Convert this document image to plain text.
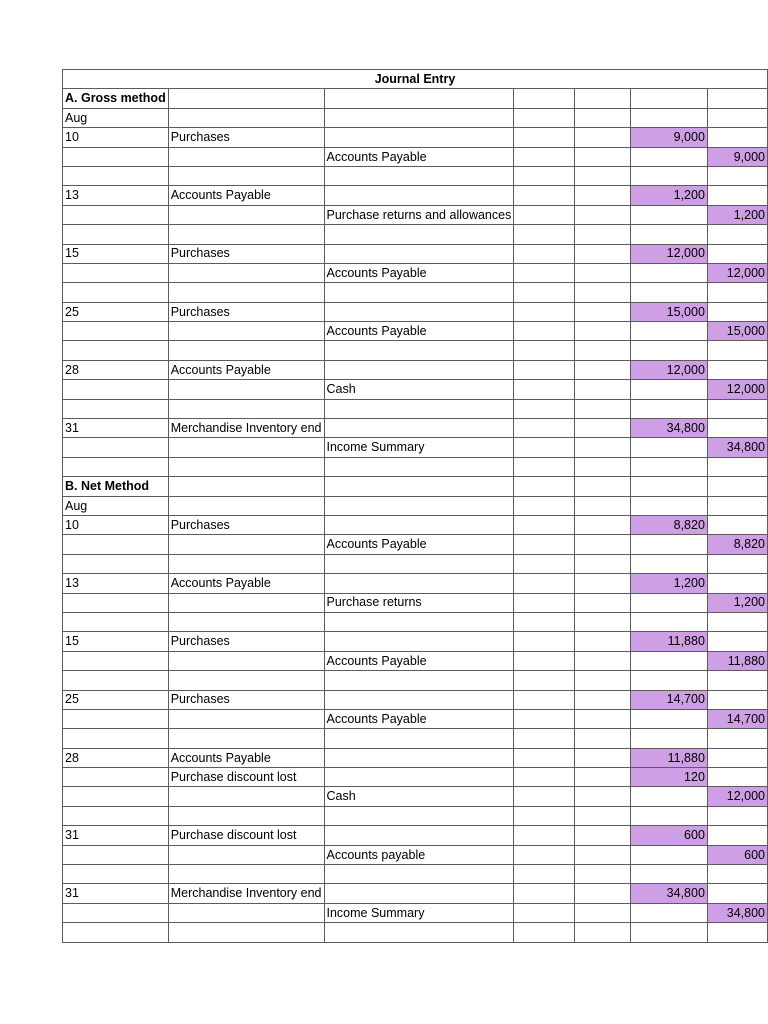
Journal Entry						
A. Gross method						
Aug						
10	Purchases				9,000	
		Accounts Payable				9,000

13	Accounts Payable				1,200	
		Purchase returns and allowances				1,200

15	Purchases				12,000	
		Accounts Payable				12,000

25	Purchases				15,000	
		Accounts Payable				15,000

28	Accounts Payable				12,000	
		Cash				12,000

31	Merchandise Inventory end				34,800	
		Income Summary				34,800

B. Net Method						
Aug						
10	Purchases				8,820	
		Accounts Payable				8,820

13	Accounts Payable				1,200	
		Purchase returns				1,200

15	Purchases				11,880	
		Accounts Payable				11,880

25	Purchases				14,700	
		Accounts Payable				14,700

28	Accounts Payable				11,880	
	Purchase discount lost				120	
		Cash				12,000

31	Purchase discount lost				600	
		Accounts payable				600

31	Merchandise Inventory end				34,800	
		Income Summary				34,800
